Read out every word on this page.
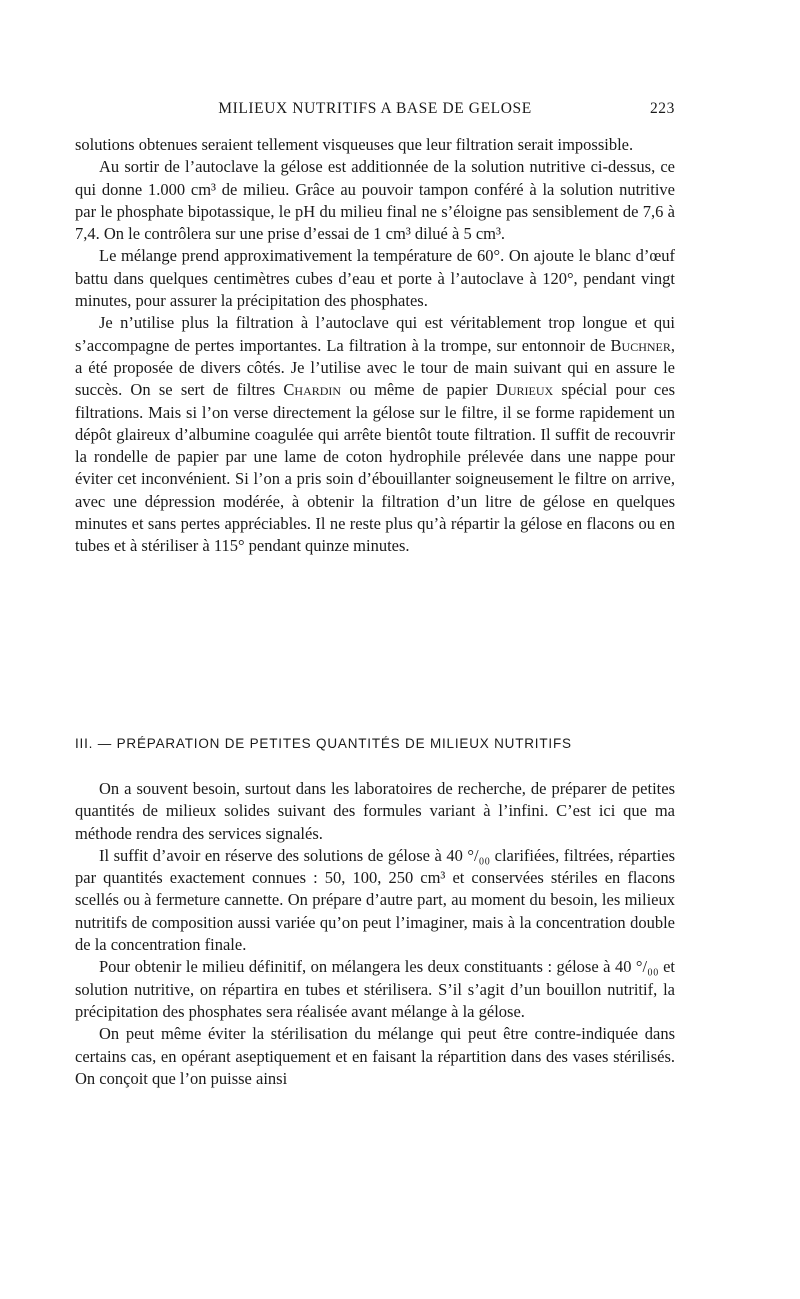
MILIEUX NUTRITIFS A BASE DE GELOSE	223

solutions obtenues seraient tellement visqueuses que leur filtration serait impossible.

Au sortir de l’autoclave la gélose est additionnée de la solution nutritive ci-dessus, ce qui donne 1.000 cm³ de milieu. Grâce au pouvoir tampon conféré à la solution nutritive par le phosphate bipotassique, le pH du milieu final ne s’éloigne pas sensiblement de 7,6 à 7,4. On le contrôlera sur une prise d’essai de 1 cm³ dilué à 5 cm³.

Le mélange prend approximativement la température de 60°. On ajoute le blanc d’œuf battu dans quelques centimètres cubes d’eau et porte à l’autoclave à 120°, pendant vingt minutes, pour assurer la précipitation des phosphates.

Je n’utilise plus la filtration à l’autoclave qui est véritablement trop longue et qui s’accompagne de pertes importantes. La filtration à la trompe, sur entonnoir de Buchner, a été proposée de divers côtés. Je l’utilise avec le tour de main suivant qui en assure le succès. On se sert de filtres Chardin ou même de papier Durieux spécial pour ces filtrations. Mais si l’on verse directement la gélose sur le filtre, il se forme rapidement un dépôt glaireux d’albumine coagulée qui arrête bientôt toute filtration. Il suffit de recouvrir la rondelle de papier par une lame de coton hydrophile prélevée dans une nappe pour éviter cet inconvénient. Si l’on a pris soin d’ébouillanter soigneusement le filtre on arrive, avec une dépression modérée, à obtenir la filtration d’un litre de gélose en quelques minutes et sans pertes appréciables. Il ne reste plus qu’à répartir la gélose en flacons ou en tubes et à stériliser à 115° pendant quinze minutes.

III. — PRÉPARATION DE PETITES QUANTITÉS DE MILIEUX NUTRITIFS

On a souvent besoin, surtout dans les laboratoires de recherche, de préparer de petites quantités de milieux solides suivant des formules variant à l’infini. C’est ici que ma méthode rendra des services signalés.

Il suffit d’avoir en réserve des solutions de gélose à 40 °/₀₀ clarifiées, filtrées, réparties par quantités exactement connues : 50, 100, 250 cm³ et conservées stériles en flacons scellés ou à fermeture cannette. On prépare d’autre part, au moment du besoin, les milieux nutritifs de composition aussi variée qu’on peut l’imaginer, mais à la concentration double de la concentration finale.

Pour obtenir le milieu définitif, on mélangera les deux constituants : gélose à 40 °/₀₀ et solution nutritive, on répartira en tubes et stérilisera. S’il s’agit d’un bouillon nutritif, la précipitation des phosphates sera réalisée avant mélange à la gélose.

On peut même éviter la stérilisation du mélange qui peut être contre-indiquée dans certains cas, en opérant aseptiquement et en faisant la répartition dans des vases stérilisés. On conçoit que l’on puisse ainsi
